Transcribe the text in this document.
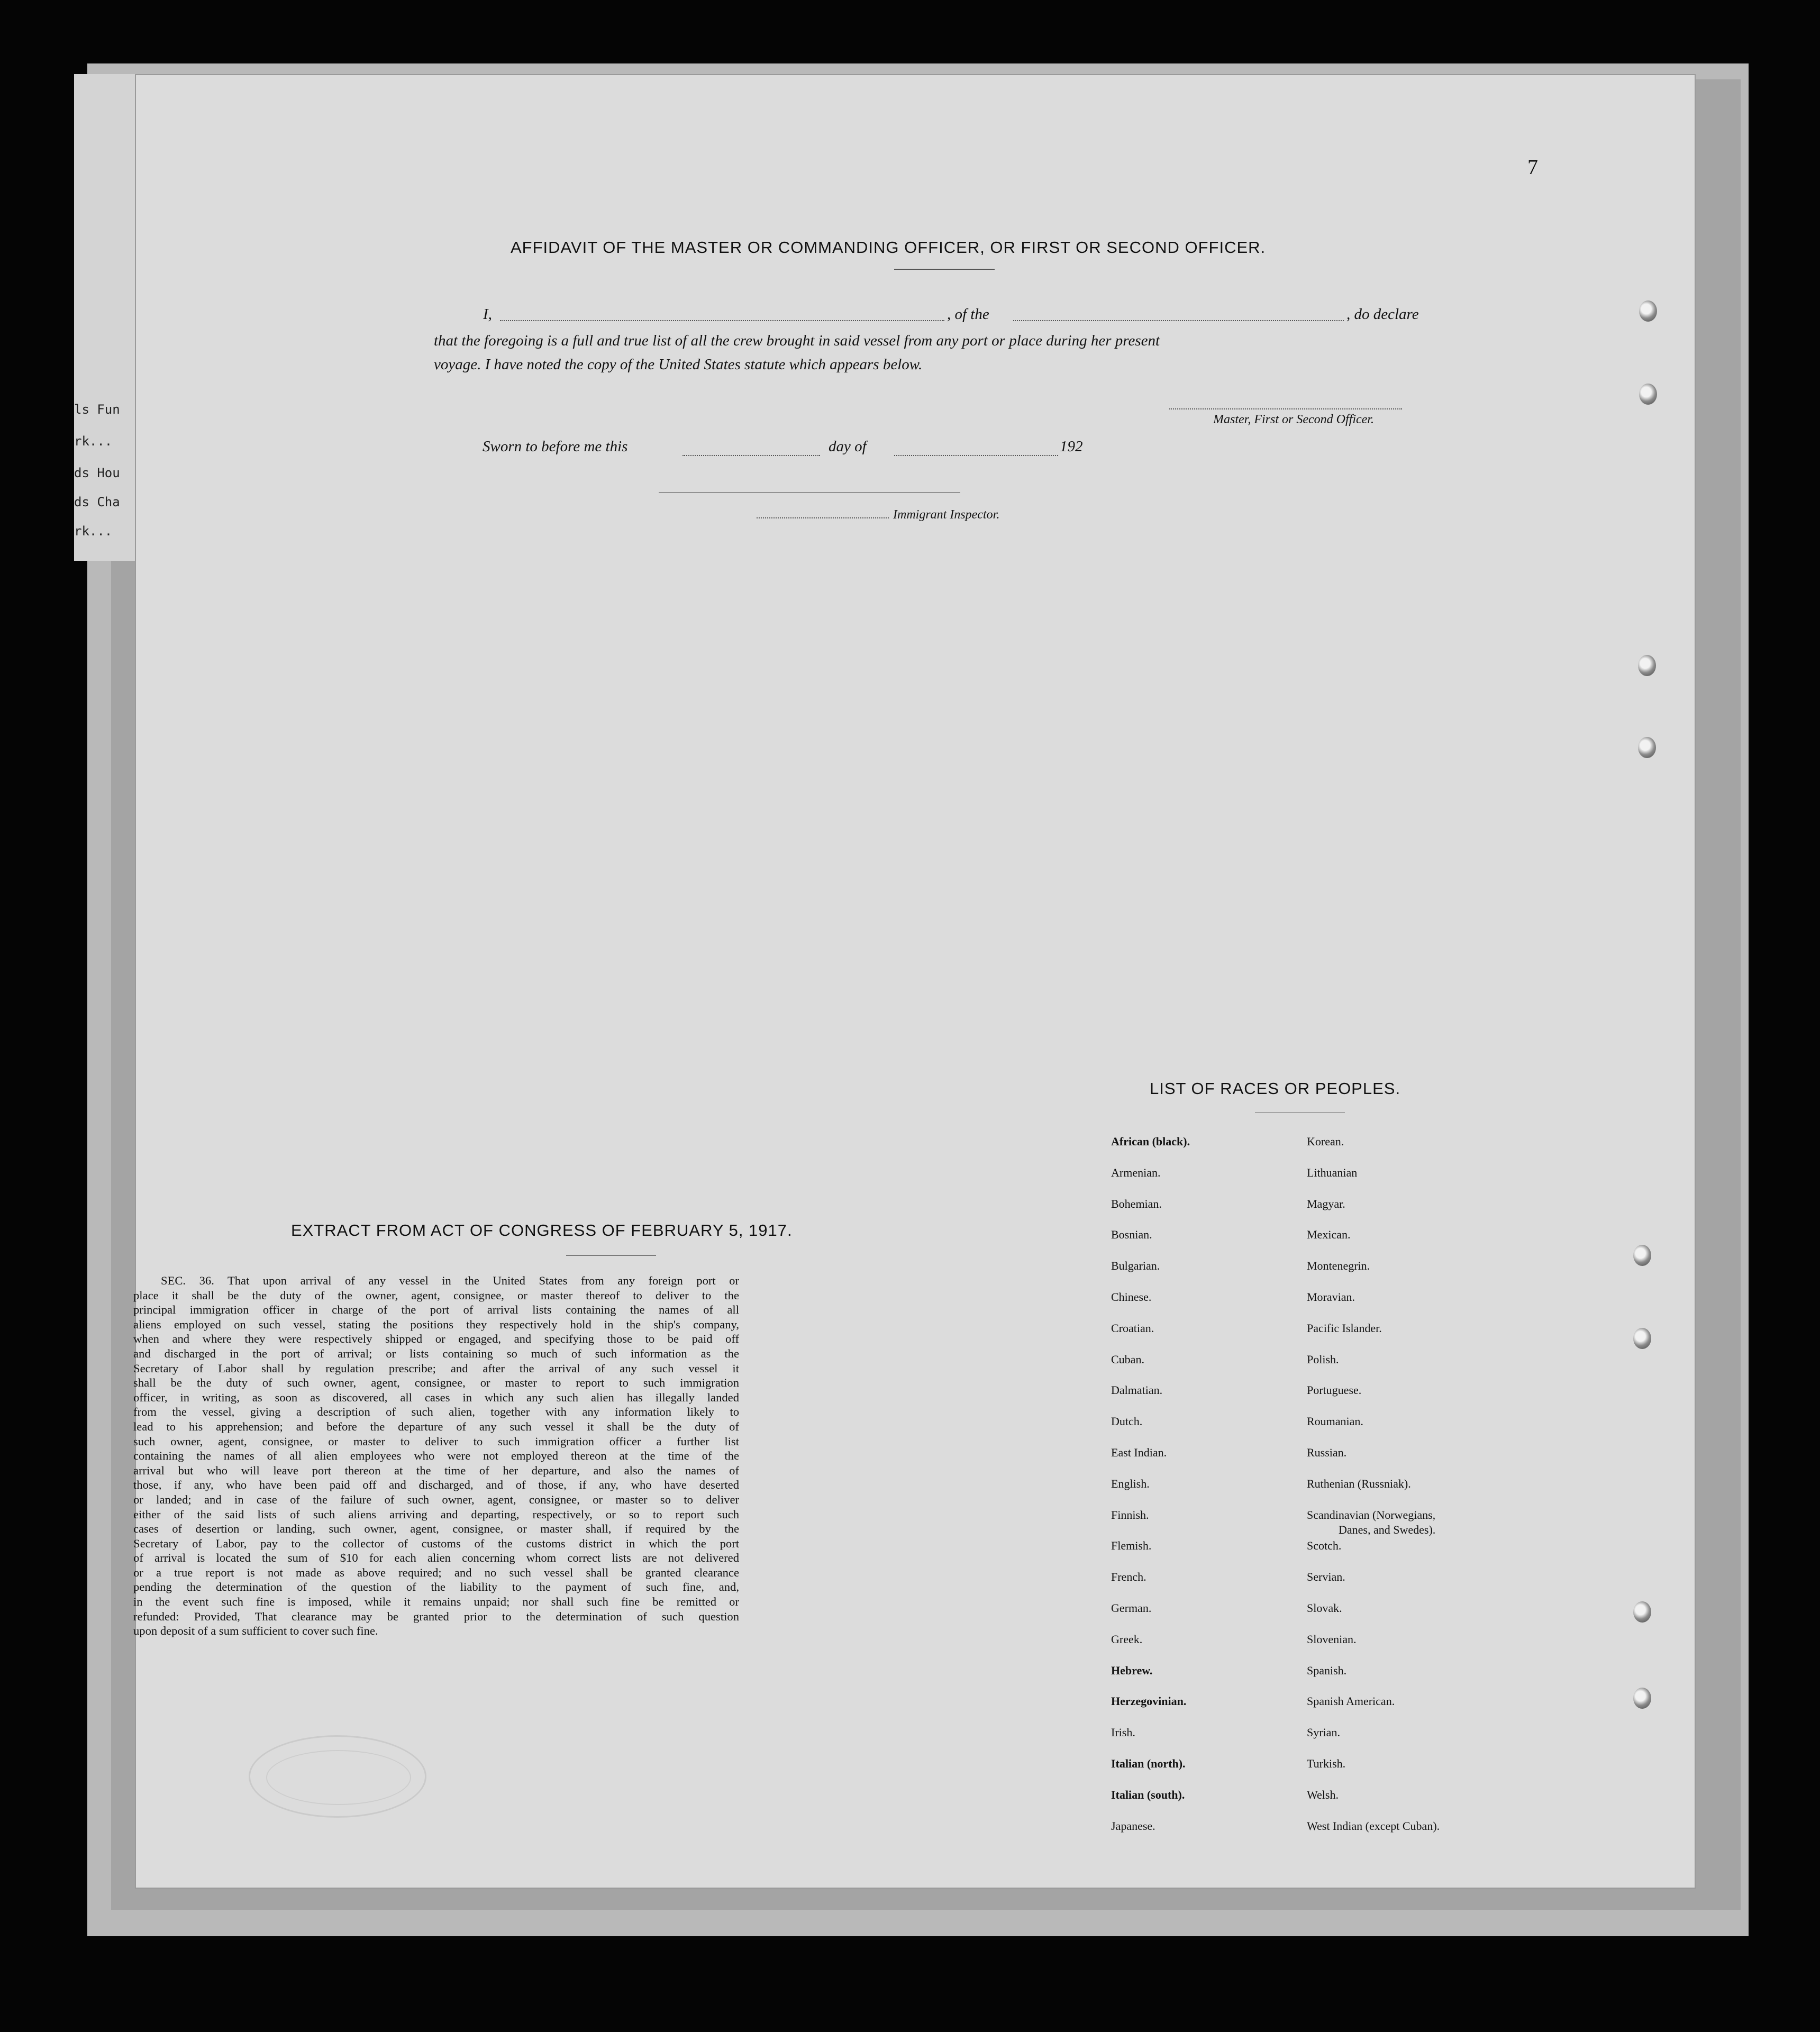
ls Fun
rk...
ds Hou
ds Cha
rk...
7
AFFIDAVIT OF THE MASTER OR COMMANDING OFFICER, OR FIRST OR SECOND OFFICER.
I,	, of the	, do declare
that the foregoing is a full and true list of all the crew brought in said vessel from any port or place during her present
voyage. I have noted the copy of the United States statute which appears below.
Master, First or Second Officer.
Sworn to before me this	day of	192
Immigrant Inspector.
EXTRACT FROM ACT OF CONGRESS OF FEBRUARY 5, 1917.
SEC. 36. That upon arrival of any vessel in the United States from any foreign port or
place it shall be the duty of the owner, agent, consignee, or master thereof to deliver to the
principal immigration officer in charge of the port of arrival lists containing the names of all
aliens employed on such vessel, stating the positions they respectively hold in the ship's company,
when and where they were respectively shipped or engaged, and specifying those to be paid off
and discharged in the port of arrival; or lists containing so much of such information as the
Secretary of Labor shall by regulation prescribe; and after the arrival of any such vessel it
shall be the duty of such owner, agent, consignee, or master to report to such immigration
officer, in writing, as soon as discovered, all cases in which any such alien has illegally landed
from the vessel, giving a description of such alien, together with any information likely to
lead to his apprehension; and before the departure of any such vessel it shall be the duty of
such owner, agent, consignee, or master to deliver to such immigration officer a further list
containing the names of all alien employees who were not employed thereon at the time of the
arrival but who will leave port thereon at the time of her departure, and also the names of
those, if any, who have been paid off and discharged, and of those, if any, who have deserted
or landed; and in case of the failure of such owner, agent, consignee, or master so to deliver
either of the said lists of such aliens arriving and departing, respectively, or so to report such
cases of desertion or landing, such owner, agent, consignee, or master shall, if required by the
Secretary of Labor, pay to the collector of customs of the customs district in which the port
of arrival is located the sum of $10 for each alien concerning whom correct lists are not delivered
or a true report is not made as above required; and no such vessel shall be granted clearance
pending the determination of the question of the liability to the payment of such fine, and,
in the event such fine is imposed, while it remains unpaid; nor shall such fine be remitted or
refunded: Provided, That clearance may be granted prior to the determination of such question
upon deposit of a sum sufficient to cover such fine.
LIST OF RACES OR PEOPLES.
African (black).
Armenian.
Bohemian.
Bosnian.
Bulgarian.
Chinese.
Croatian.
Cuban.
Dalmatian.
Dutch.
East Indian.
English.
Finnish.
Flemish.
French.
German.
Greek.
Hebrew.
Herzegovinian.
Irish.
Italian (north).
Italian (south).
Japanese.
Korean.
Lithuanian
Magyar.
Mexican.
Montenegrin.
Moravian.
Pacific Islander.
Polish.
Portuguese.
Roumanian.
Russian.
Ruthenian (Russniak).
Scandinavian (Norwegians,
Danes, and Swedes).
Scotch.
Servian.
Slovak.
Slovenian.
Spanish.
Spanish American.
Syrian.
Turkish.
Welsh.
West Indian (except Cuban).
